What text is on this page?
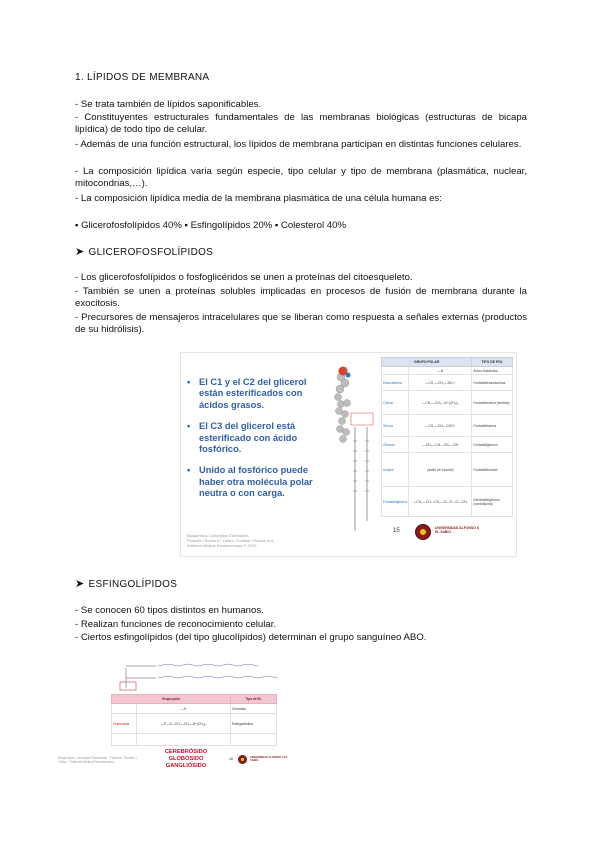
1. LÍPIDOS DE MEMBRANA
- Se trata también de lípidos saponificables.
- Constituyentes estructurales fundamentales de las membranas biológicas (estructuras de bicapa lipídica) de todo tipo de celular.
- Además de una función estructural, los lípidos de membrana participan en distintas funciones celulares.
- La composición lipídica varia según especie, tipo celular y tipo de membrana (plasmática, nuclear, mitocondrias,…).
- La composición lipídica media de la membrana plasmática de una célula humana es:
▪ Glicerofosfolípidos 40% ▪ Esfingolípidos 20% ▪ Colesterol 40%
➤ GLICEROFOSFOLÍPIDOS
- Los glicerofosfolípidos o fosfoglicéridos se unen a proteínas del citoesqueleto.
- También se unen a proteínas solubles implicadas en procesos de fusión de membrana durante la exocitosis.
- Precursores de mensajeros intracelulares que se liberan como respuesta a señales externas (productos de su hidrólisis).
• El C1 y el C2 del glicerol están esterificados con ácidos grasos.
• El C3 del glicerol está esterificado con ácido fosfórico.
• Unido al fosfórico puede haber otra molécula polar neutra o con carga.
Bioquímica. Conceptos Esenciales
Feduchi / Romero / Yáñez / Cutillas / García-Hoz
Editorial Médica Panamericana © 2015
GRUPO POLAR		TIPO DE PGL
	—H	Ácido fosfatídico
Etanolamina	—CH₂—CH₂—NH₃⁺	Fosfatidiletanolamina
Colina	—CH₂—CH₂—N⁺(CH₃)₃	Fosfatidilcolina (lecitina)
Serina	—CH₂—CH—COO⁻	Fosfatidilserina
Glicerol	—CH₂—CH—CH₂—OH	Fosfatidilglicerol
Inositol	(anillo de inositol)	Fosfatidilinositol
Fosfatidilglicerol	—CH₂—CH—CH₂—O—P—O—CH₂	Difosfatidilglicerol (cardiolipina)
15	UNIVERSIDAD ALFONSO X EL SABIO
➤ ESFINGOLÍPIDOS
- Se conocen 60 tipos distintos en humanos.
- Realizan funciones de reconocimiento celular.
- Ciertos esfingolípidos (del tipo glucolípidos) determinan el grupo sanguíneo ABO.
Grupo polar		Tipo de EL
	—H	Ceramida
Fosfocolina	—P—O—CH₂—CH₂—N⁺(CH₃)₃	Esfingomielina

CEREBRÓSIDO
GLOBÓSIDO
GANGLIÓSIDO
Bioquímica. Conceptos Esenciales · Feduchi / Romero / Yáñez · Editorial Médica Panamericana
16	UNIVERSIDAD ALFONSO X EL SABIO
